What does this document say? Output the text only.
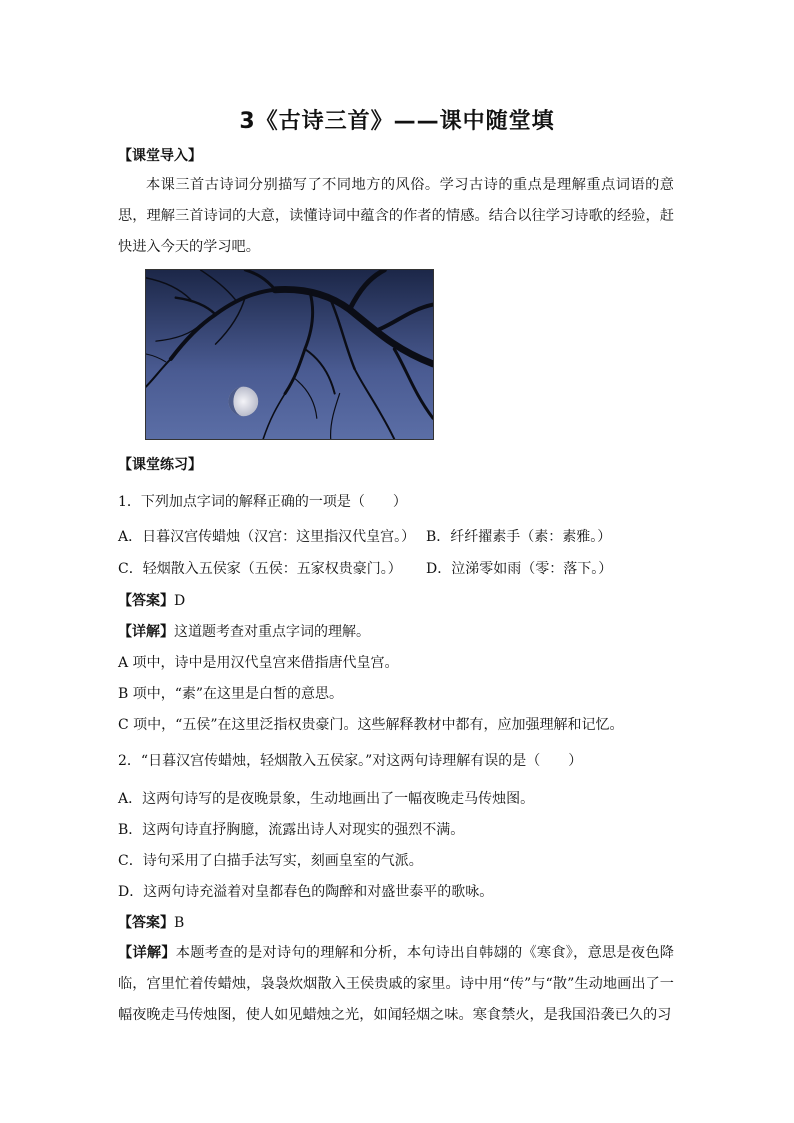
3《古诗三首》——课中随堂填
【课堂导入】
本课三首古诗词分别描写了不同地方的风俗。学习古诗的重点是理解重点词语的意思，理解三首诗词的大意，读懂诗词中蕴含的作者的情感。结合以往学习诗歌的经验，赶快进入今天的学习吧。
【课堂练习】
1．下列加点字词的解释正确的一项是（　　）
A．日暮汉宫传蜡烛（汉宫：这里指汉代皇宫。） B．纤纤擢素手（素：素雅。）
C．轻烟散入五侯家（五侯：五家权贵豪门。）	D．泣涕零如雨（零：落下。）
【答案】D
【详解】这道题考查对重点字词的理解。
A 项中，诗中是用汉代皇宫来借指唐代皇宫。
B 项中，“素”在这里是白皙的意思。
C 项中，“五侯”在这里泛指权贵豪门。这些解释教材中都有，应加强理解和记忆。
2．“日暮汉宫传蜡烛，轻烟散入五侯家。”对这两句诗理解有误的是（　　）
A．这两句诗写的是夜晚景象，生动地画出了一幅夜晚走马传烛图。
B．这两句诗直抒胸臆，流露出诗人对现实的强烈不满。
C．诗句采用了白描手法写实，刻画皇室的气派。
D．这两句诗充溢着对皇都春色的陶醉和对盛世泰平的歌咏。
【答案】B
【详解】本题考查的是对诗句的理解和分析，本句诗出自韩翃的《寒食》，意思是夜色降临，宫里忙着传蜡烛，袅袅炊烟散入王侯贵戚的家里。诗中用“传”与“散”生动地画出了一幅夜晚走马传烛图，使人如见蜡烛之光，如闻轻烟之味。寒食禁火，是我国沿袭已久的习
